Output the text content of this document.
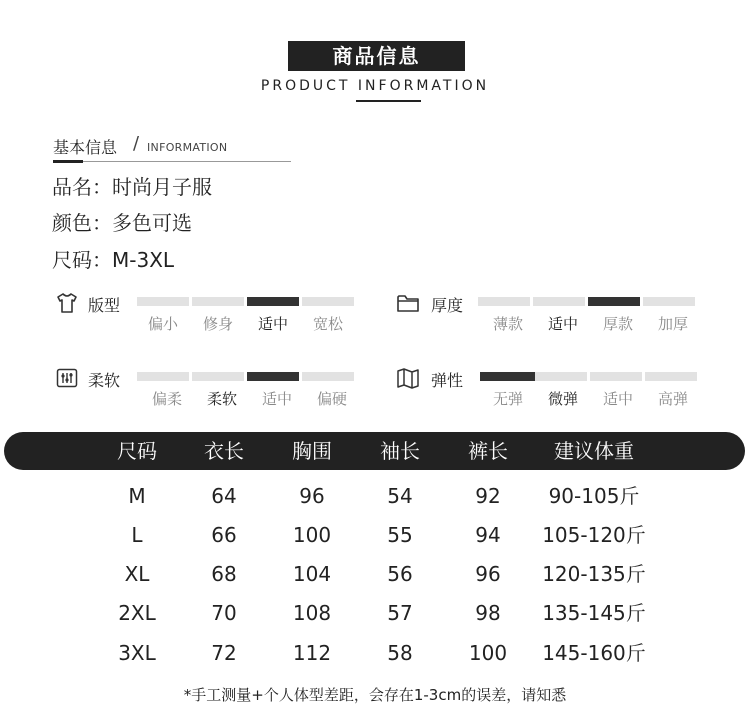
商品信息
PRODUCT INFORMATION
基本信息 / INFORMATION
品名：时尚月子服
颜色：多色可选
尺码：M-3XL
版型
偏小	修身	适中	宽松
厚度
薄款	适中	厚款	加厚
柔软
偏柔	柔软	适中	偏硬
弹性
无弹	微弹	适中	高弹
尺码	衣长	胸围	袖长	裤长	建议体重
M	64	96	54	92	90-105斤
L	66	100	55	94	105-120斤
XL	68	104	56	96	120-135斤
2XL	70	108	57	98	135-145斤
3XL	72	112	58	100	145-160斤
*手工测量+个人体型差距，会存在1-3cm的误差，请知悉
